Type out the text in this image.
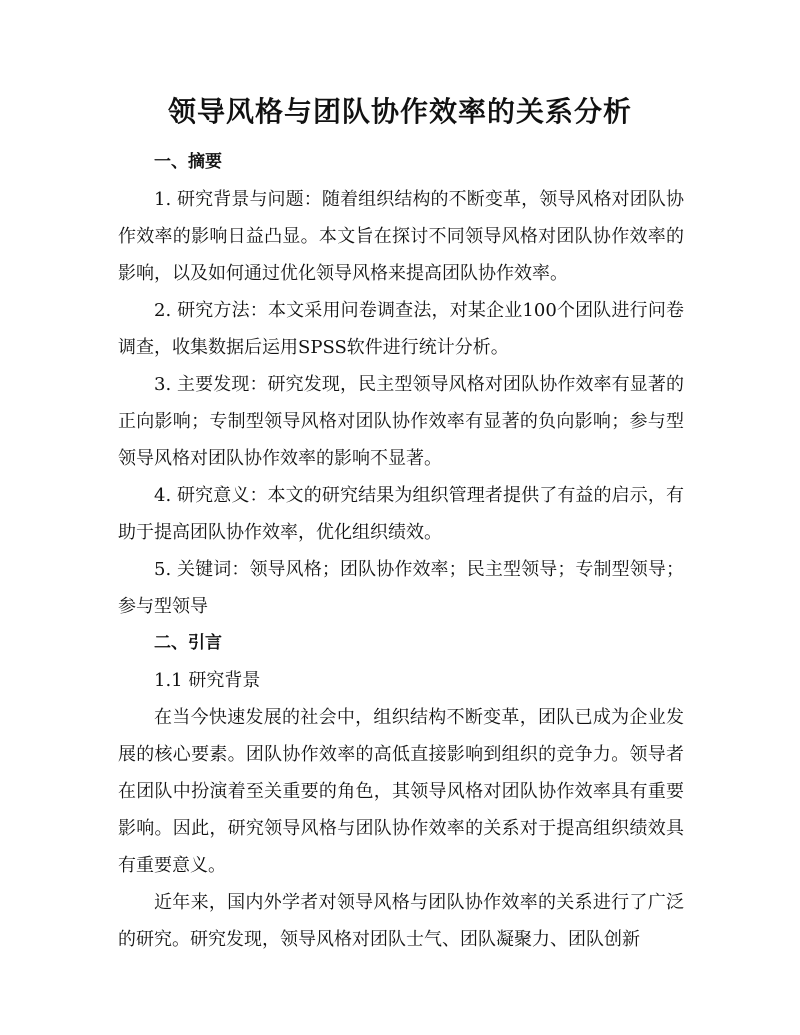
领导风格与团队协作效率的关系分析

一、摘要

1. 研究背景与问题：随着组织结构的不断变革，领导风格对团队协作效率的影响日益凸显。本文旨在探讨不同领导风格对团队协作效率的影响，以及如何通过优化领导风格来提高团队协作效率。

2. 研究方法：本文采用问卷调查法，对某企业100个团队进行问卷调查，收集数据后运用SPSS软件进行统计分析。

3. 主要发现：研究发现，民主型领导风格对团队协作效率有显著的正向影响；专制型领导风格对团队协作效率有显著的负向影响；参与型领导风格对团队协作效率的影响不显著。

4. 研究意义：本文的研究结果为组织管理者提供了有益的启示，有助于提高团队协作效率，优化组织绩效。

5. 关键词：领导风格；团队协作效率；民主型领导；专制型领导；参与型领导

二、引言

1.1 研究背景

在当今快速发展的社会中，组织结构不断变革，团队已成为企业发展的核心要素。团队协作效率的高低直接影响到组织的竞争力。领导者在团队中扮演着至关重要的角色，其领导风格对团队协作效率具有重要影响。因此，研究领导风格与团队协作效率的关系对于提高组织绩效具有重要意义。

近年来，国内外学者对领导风格与团队协作效率的关系进行了广泛的研究。研究发现，领导风格对团队士气、团队凝聚力、团队创新
